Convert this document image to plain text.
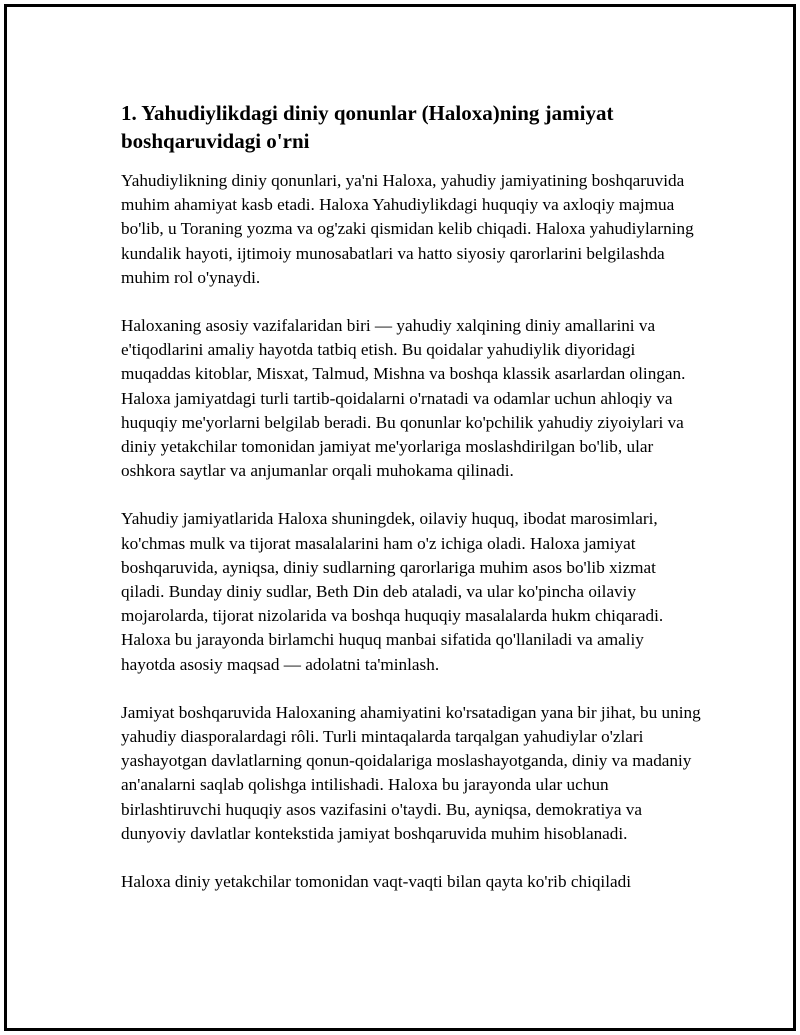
1. Yahudiylikdagi diniy qonunlar (Haloxa)ning jamiyat boshqaruvidagi o'rni

Yahudiylikning diniy qonunlari, ya'ni Haloxa, yahudiy jamiyatining boshqaruvida muhim ahamiyat kasb etadi. Haloxa Yahudiylikdagi huquqiy va axloqiy majmua bo'lib, u Toraning yozma va og'zaki qismidan kelib chiqadi. Haloxa yahudiylarning kundalik hayoti, ijtimoiy munosabatlari va hatto siyosiy qarorlarini belgilashda muhim rol o'ynaydi.

Haloxaning asosiy vazifalaridan biri — yahudiy xalqining diniy amallarini va e'tiqodlarini amaliy hayotda tatbiq etish. Bu qoidalar yahudiylik diyoridagi muqaddas kitoblar, Misxat, Talmud, Mishna va boshqa klassik asarlardan olingan. Haloxa jamiyatdagi turli tartib-qoidalarni o'rnatadi va odamlar uchun ahloqiy va huquqiy me'yorlarni belgilab beradi. Bu qonunlar ko'pchilik yahudiy ziyoiylari va diniy yetakchilar tomonidan jamiyat me'yorlariga moslashdirilgan bo'lib, ular oshkora saytlar va anjumanlar orqali muhokama qilinadi.

Yahudiy jamiyatlarida Haloxa shuningdek, oilaviy huquq, ibodat marosimlari, ko'chmas mulk va tijorat masalalarini ham o'z ichiga oladi. Haloxa jamiyat boshqaruvida, ayniqsa, diniy sudlarning qarorlariga muhim asos bo'lib xizmat qiladi. Bunday diniy sudlar, Beth Din deb ataladi, va ular ko'pincha oilaviy mojarolarda, tijorat nizolarida va boshqa huquqiy masalalarda hukm chiqaradi. Haloxa bu jarayonda birlamchi huquq manbai sifatida qo'llaniladi va amaliy hayotda asosiy maqsad — adolatni ta'minlash.

Jamiyat boshqaruvida Haloxaning ahamiyatini ko'rsatadigan yana bir jihat, bu uning yahudiy diasporalardagi rôli. Turli mintaqalarda tarqalgan yahudiylar o'zlari yashayotgan davlatlarning qonun-qoidalariga moslashayotganda, diniy va madaniy an'analarni saqlab qolishga intilishadi. Haloxa bu jarayonda ular uchun birlashtiruvchi huquqiy asos vazifasini o'taydi. Bu, ayniqsa, demokratiya va dunyoviy davlatlar kontekstida jamiyat boshqaruvida muhim hisoblanadi.

Haloxa diniy yetakchilar tomonidan vaqt-vaqti bilan qayta ko'rib chiqiladi
